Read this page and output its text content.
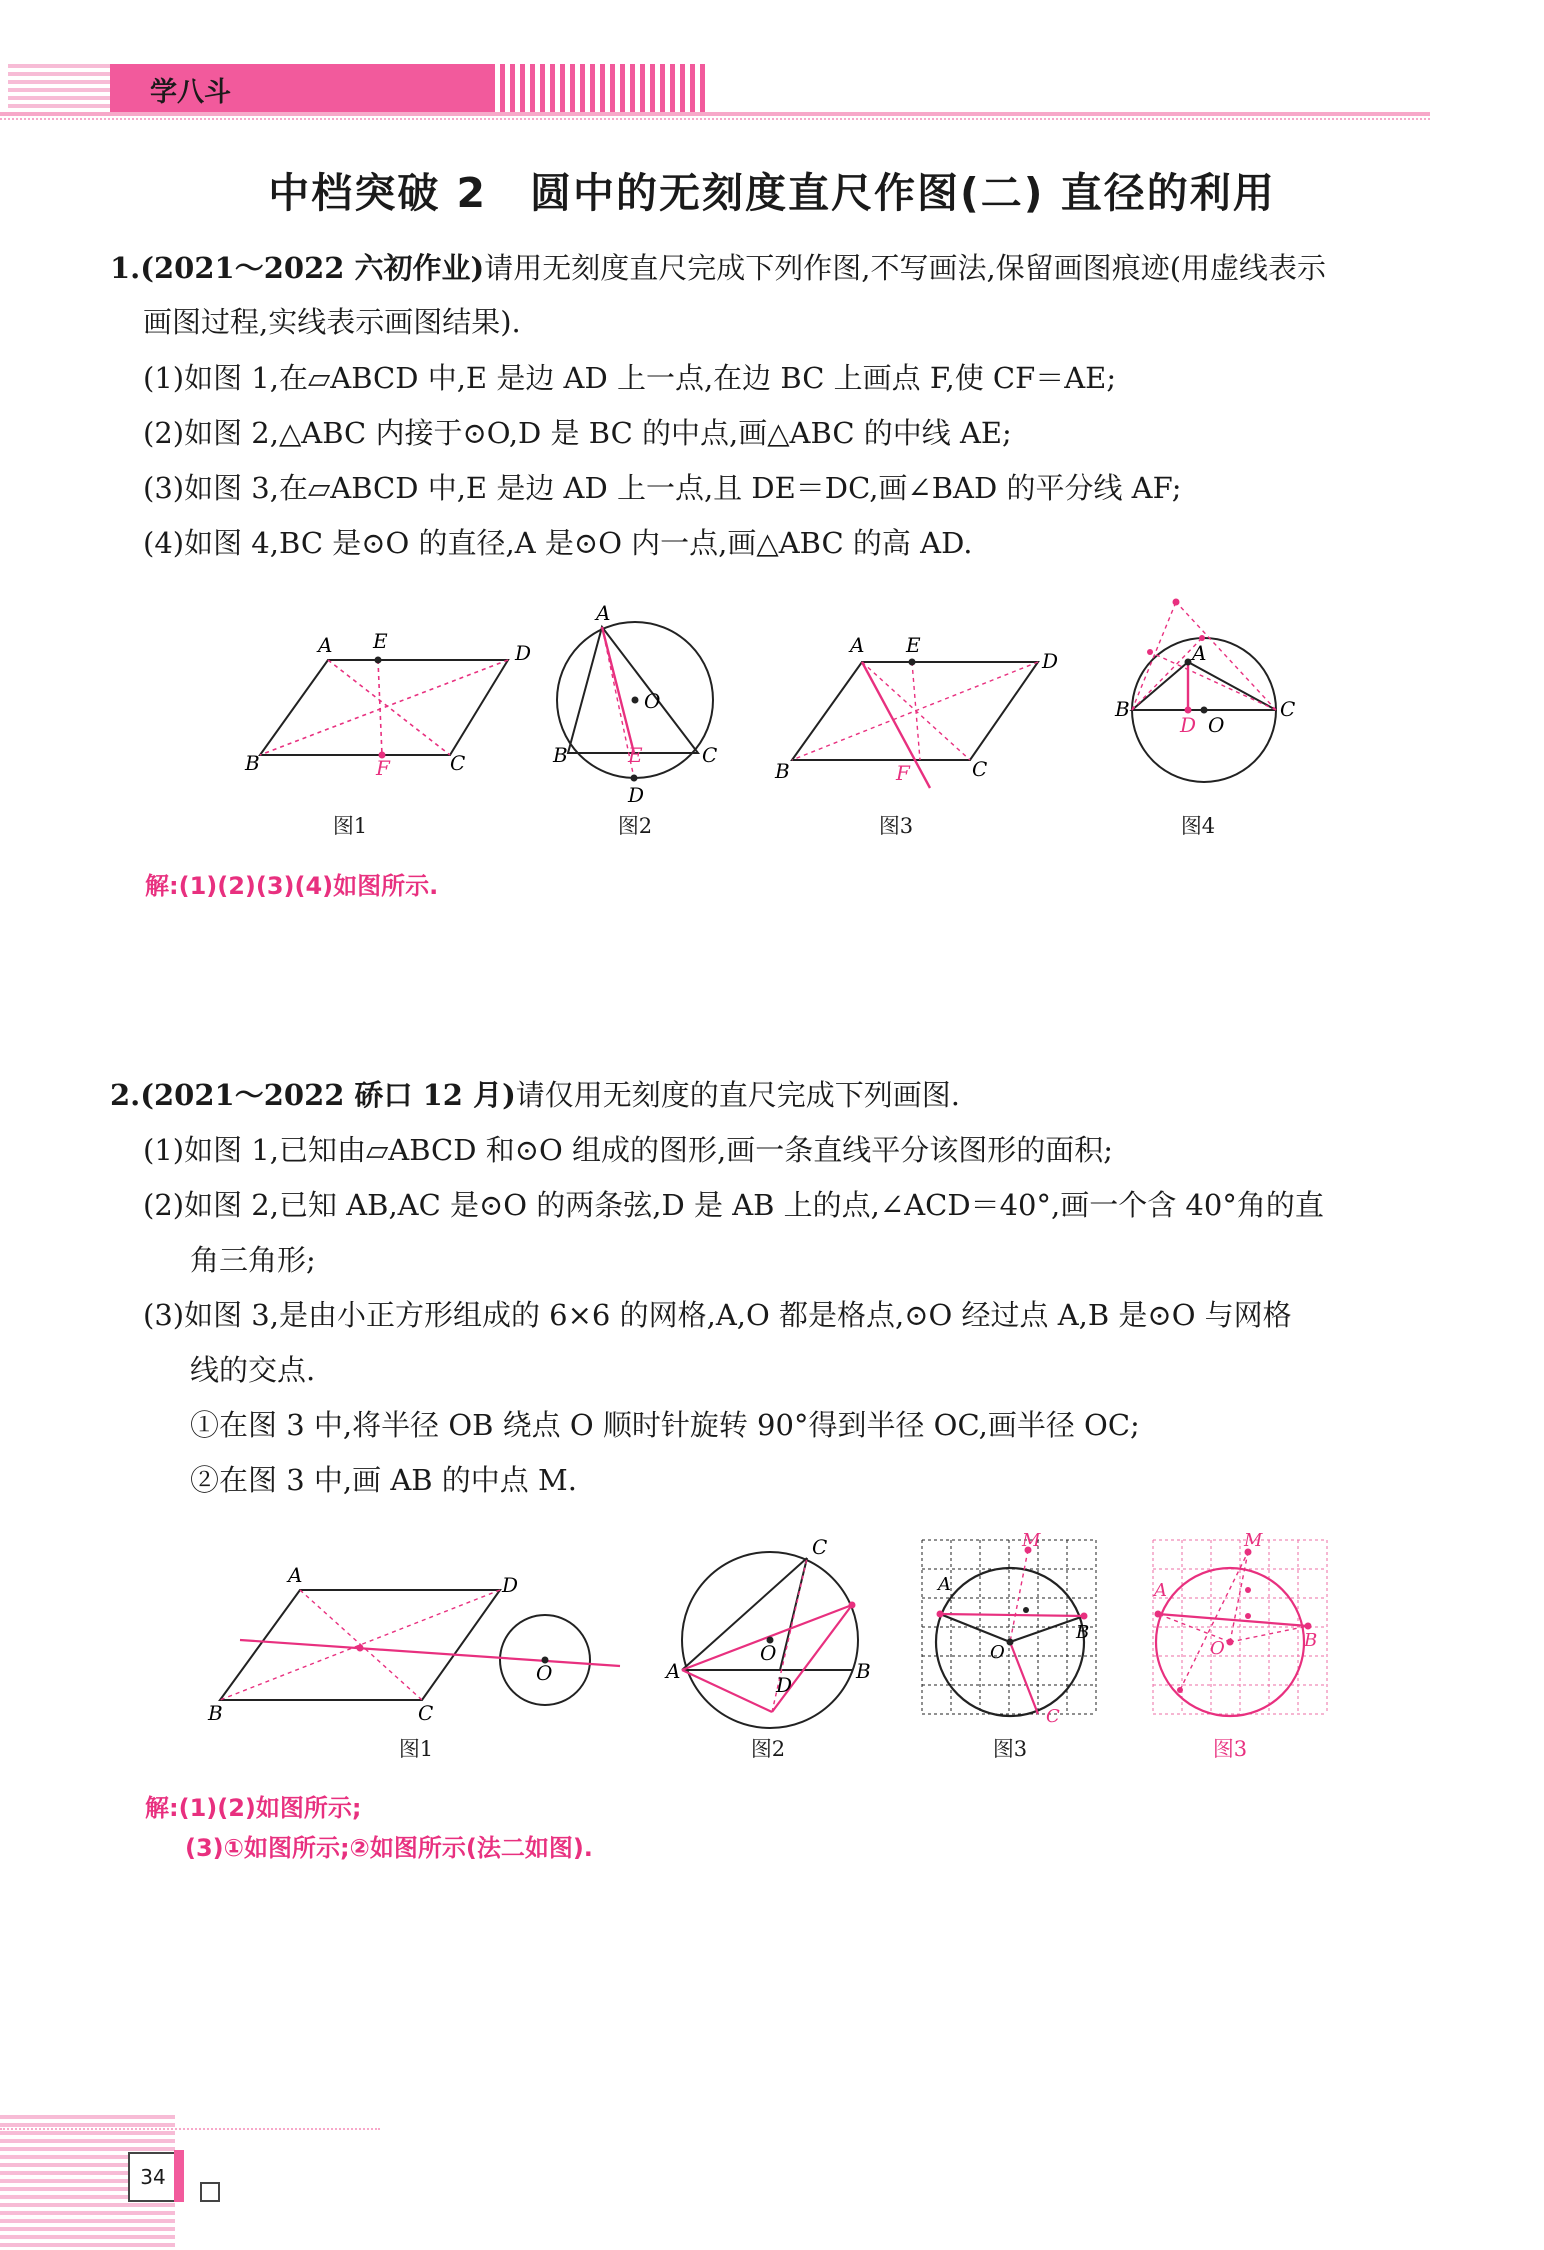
学八斗
中档突破 2　圆中的无刻度直尺作图(二) 直径的利用
1.(2021～2022 六初作业)请用无刻度直尺完成下列作图,不写画法,保留画图痕迹(用虚线表示
画图过程,实线表示画图结果).
(1)如图 1,在▱ABCD 中,E 是边 AD 上一点,在边 BC 上画点 F,使 CF＝AE;
(2)如图 2,△ABC 内接于⊙O,D 是 BC 的中点,画△ABC 的中线 AE;
(3)如图 3,在▱ABCD 中,E 是边 AD 上一点,且 DE＝DC,画∠BAD 的平分线 AF;
(4)如图 4,BC 是⊙O 的直径,A 是⊙O 内一点,画△ABC 的高 AD.
A E	D
B	F	C
A
O
B	C
E
D
A E
D
B	F	C
A
B	C
D O
图1	图2	图3	图4
解:(1)(2)(3)(4)如图所示.
2.(2021～2022 硚口 12 月)请仅用无刻度的直尺完成下列画图.
(1)如图 1,已知由▱ABCD 和⊙O 组成的图形,画一条直线平分该图形的面积;
(2)如图 2,已知 AB,AC 是⊙O 的两条弦,D 是 AB 上的点,∠ACD＝40°,画一个含 40°角的直
角三角形;
(3)如图 3,是由小正方形组成的 6×6 的网格,A,O 都是格点,⊙O 经过点 A,B 是⊙O 与网格
线的交点.
①在图 3 中,将半径 OB 绕点 O 顺时针旋转 90°得到半径 OC,画半径 OC;
②在图 3 中,画 AB 的中点 M.
A	D
B	C
O
C
A	B
O
D
A
M
B
O
C
A
M
B
O
图1	图2	图3	图3
解:(1)(2)如图所示;
(3)①如图所示;②如图所示(法二如图).
34
